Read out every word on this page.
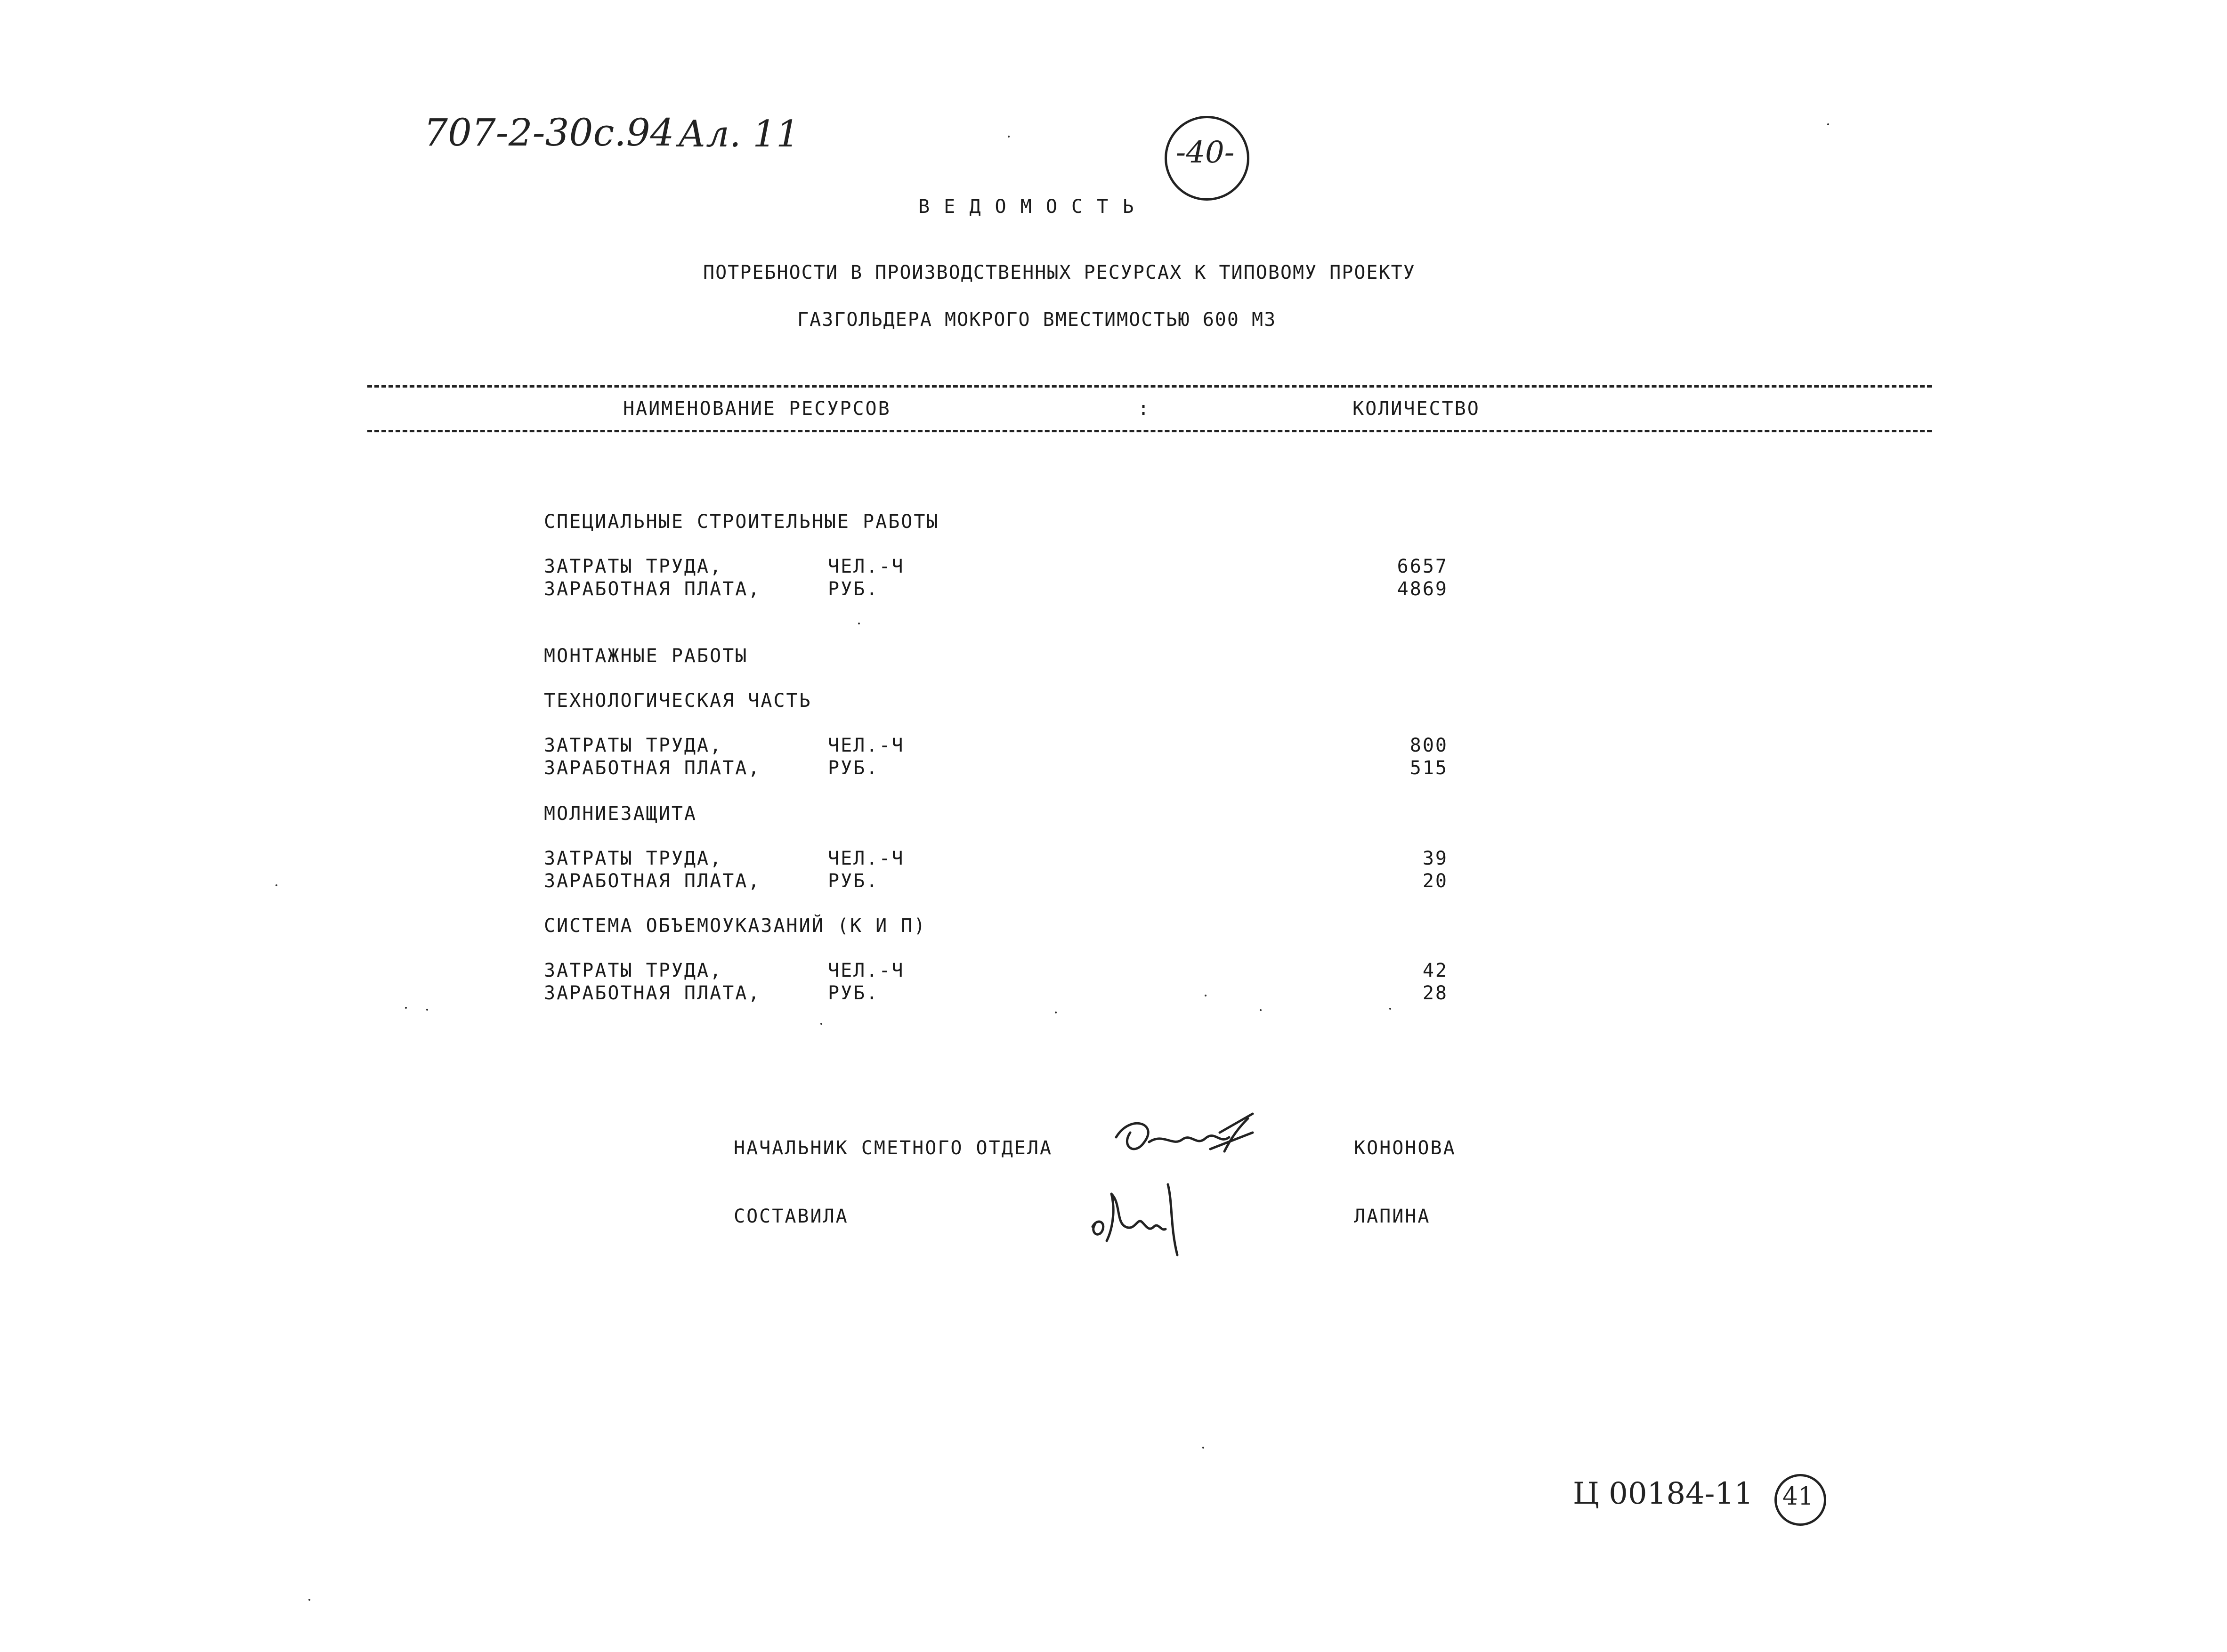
707-2-30с.94 Ал. 11	-40-
В Е Д О М О С Т Ь
ПОТРЕБНОСТИ В ПРОИЗВОДСТВЕННЫХ РЕСУРСАХ К ТИПОВОМУ ПРОЕКТУ
ГАЗГОЛЬДЕРА МОКРОГО ВМЕСТИМОСТЬЮ 600 МЗ
НАИМЕНОВАНИЕ РЕСУРСОВ	:	КОЛИЧЕСТВО
СПЕЦИАЛЬНЫЕ СТРОИТЕЛЬНЫЕ РАБОТЫ
ЗАТРАТЫ ТРУДА,	ЧЕЛ.-Ч	6657
ЗАРАБОТНАЯ ПЛАТА,	РУБ.	4869
МОНТАЖНЫЕ РАБОТЫ
ТЕХНОЛОГИЧЕСКАЯ ЧАСТЬ
ЗАТРАТЫ ТРУДА,	ЧЕЛ.-Ч	800
ЗАРАБОТНАЯ ПЛАТА,	РУБ.	515
МОЛНИЕЗАЩИТА
ЗАТРАТЫ ТРУДА,	ЧЕЛ.-Ч	39
ЗАРАБОТНАЯ ПЛАТА,	РУБ.	20
СИСТЕМА ОБЪЕМОУКАЗАНИЙ (К И П)
ЗАТРАТЫ ТРУДА,	ЧЕЛ.-Ч	42
ЗАРАБОТНАЯ ПЛАТА,	РУБ.	28
НАЧАЛЬНИК СМЕТНОГО ОТДЕЛА	КОНОНОВА
СОСТАВИЛА	ЛАПИНА
Ц 00184-11	41
